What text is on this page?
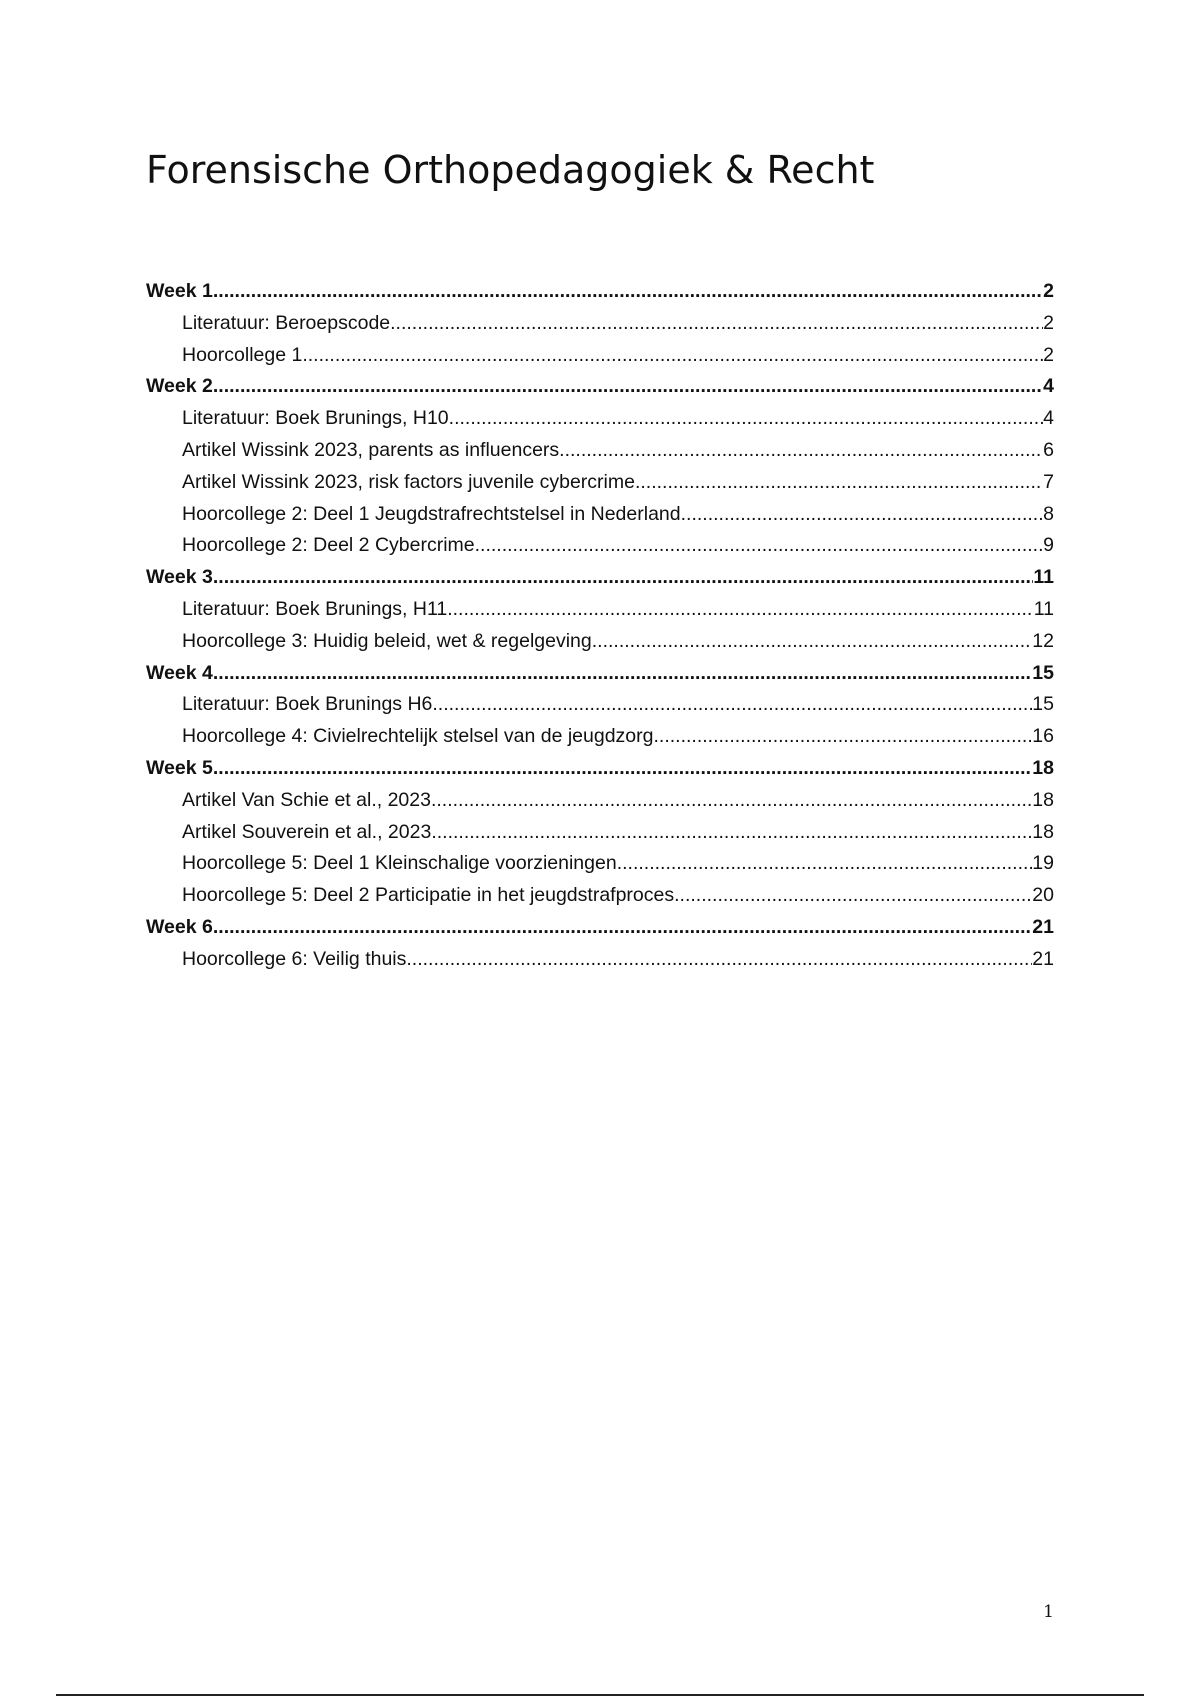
Forensische Orthopedagogiek & Recht
Week 1 .....	2
Literatuur: Beroepscode .....	2
Hoorcollege 1 .....	2
Week 2 .....	4
Literatuur: Boek Brunings, H10 .....	4
Artikel Wissink 2023, parents as influencers .....	6
Artikel Wissink 2023, risk factors juvenile cybercrime .....	7
Hoorcollege 2: Deel 1 Jeugdstrafrechtstelsel in Nederland .....	8
Hoorcollege 2: Deel 2 Cybercrime .....	9
Week 3 .....	11
Literatuur: Boek Brunings, H11 .....	11
Hoorcollege 3: Huidig beleid, wet & regelgeving .....	12
Week 4 .....	15
Literatuur: Boek Brunings H6 .....	15
Hoorcollege 4: Civielrechtelijk stelsel van de jeugdzorg .....	16
Week 5 .....	18
Artikel Van Schie et al., 2023 .....	18
Artikel Souverein et al., 2023 .....	18
Hoorcollege 5: Deel 1 Kleinschalige voorzieningen .....	19
Hoorcollege 5: Deel 2 Participatie in het jeugdstrafproces .....	20
Week 6 .....	21
Hoorcollege 6: Veilig thuis .....	21
1
